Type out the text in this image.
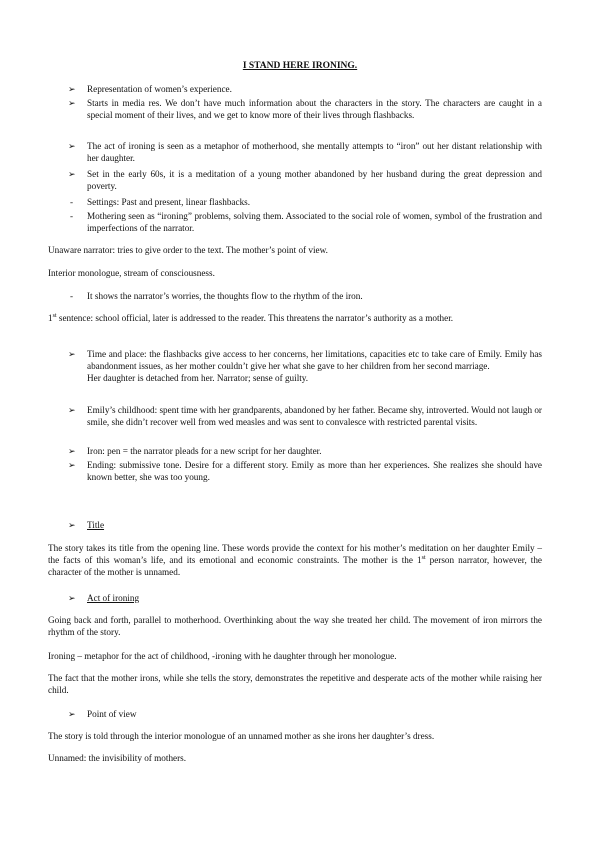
I STAND HERE IRONING.
➢	Representation of women’s experience.
➢	Starts in media res. We don’t have much information about the characters in the story. The characters are caught in a special moment of their lives, and we get to know more of their lives through flashbacks.
➢	The act of ironing is seen as a metaphor of motherhood, she mentally attempts to “iron” out her distant relationship with her daughter.
➢	Set in the early 60s, it is a meditation of a young mother abandoned by her husband during the great depression and poverty.
-	Settings: Past and present, linear flashbacks.
-	Mothering seen as “ironing” problems, solving them. Associated to the social role of women, symbol of the frustration and imperfections of the narrator.
Unaware narrator: tries to give order to the text. The mother’s point of view.
Interior monologue, stream of consciousness.
-	It shows the narrator’s worries, the thoughts flow to the rhythm of the iron.
1st sentence: school official, later is addressed to the reader. This threatens the narrator’s authority as a mother.
➢	Time and place: the flashbacks give access to her concerns, her limitations, capacities etc to take care of Emily. Emily has abandonment issues, as her mother couldn’t give her what she gave to her children from her second marriage.
Her daughter is detached from her. Narrator; sense of guilty.
➢	Emily’s childhood: spent time with her grandparents, abandoned by her father. Became shy, introverted. Would not laugh or smile, she didn’t recover well from wed measles and was sent to convalesce with restricted parental visits.
➢	Iron: pen = the narrator pleads for a new script for her daughter.
➢	Ending: submissive tone. Desire for a different story. Emily as more than her experiences. She realizes she should have known better, she was too young.
➢	Title
The story takes its title from the opening line. These words provide the context for his mother’s meditation on her daughter Emily – the facts of this woman’s life, and its emotional and economic constraints. The mother is the 1st person narrator, however, the character of the mother is unnamed.
➢	Act of ironing
Going back and forth, parallel to motherhood. Overthinking about the way she treated her child. The movement of iron mirrors the rhythm of the story.
Ironing – metaphor for the act of childhood, -ironing with he daughter through her monologue.
The fact that the mother irons, while she tells the story, demonstrates the repetitive and desperate acts of the mother while raising her child.
➢	Point of view
The story is told through the interior monologue of an unnamed mother as she irons her daughter’s dress.
Unnamed: the invisibility of mothers.
